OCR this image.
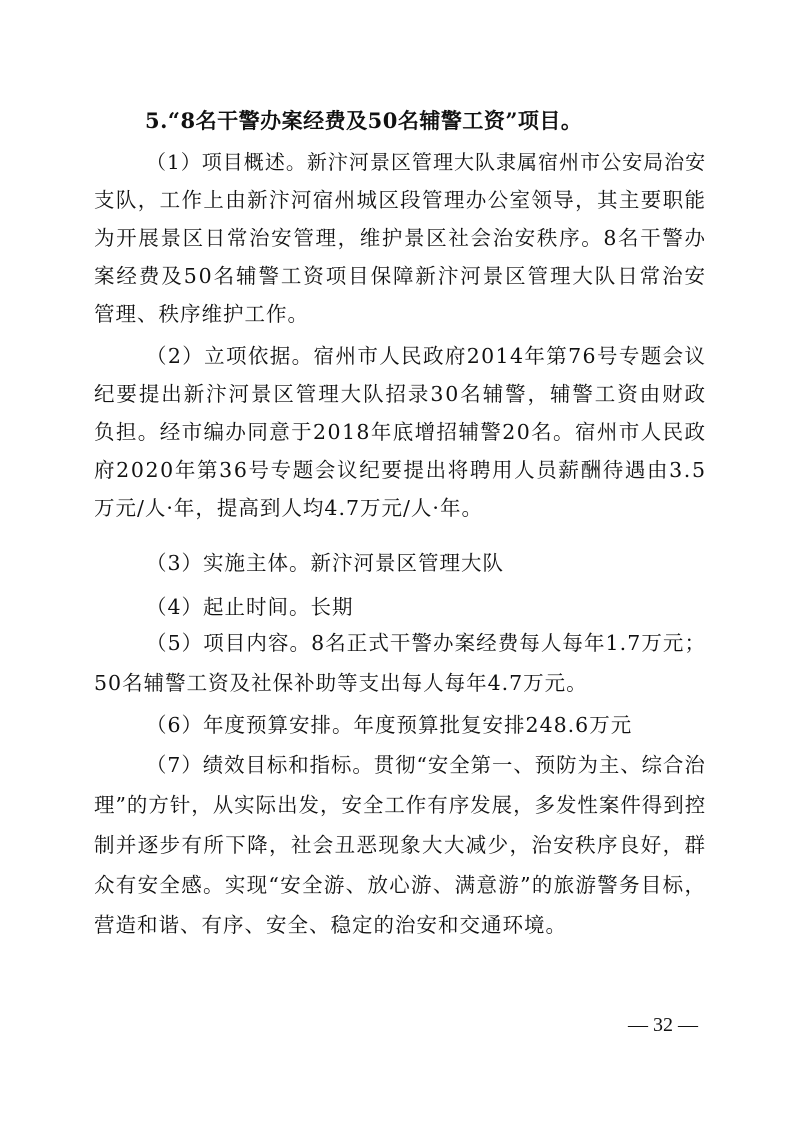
5.“8名干警办案经费及50名辅警工资”项目。
（1）项目概述。新汴河景区管理大队隶属宿州市公安局治安
支队，工作上由新汴河宿州城区段管理办公室领导，其主要职能
为开展景区日常治安管理，维护景区社会治安秩序。8名干警办
案经费及50名辅警工资项目保障新汴河景区管理大队日常治安
管理、秩序维护工作。
（2）立项依据。宿州市人民政府2014年第76号专题会议
纪要提出新汴河景区管理大队招录30名辅警，辅警工资由财政
负担。经市编办同意于2018年底增招辅警20名。宿州市人民政
府2020年第36号专题会议纪要提出将聘用人员薪酬待遇由3.5
万元/人·年，提高到人均4.7万元/人·年。
（3）实施主体。新汴河景区管理大队
（4）起止时间。长期
（5）项目内容。8名正式干警办案经费每人每年1.7万元；
50名辅警工资及社保补助等支出每人每年4.7万元。
（6）年度预算安排。年度预算批复安排248.6万元
（7）绩效目标和指标。贯彻“安全第一、预防为主、综合治
理”的方针，从实际出发，安全工作有序发展，多发性案件得到控
制并逐步有所下降，社会丑恶现象大大减少，治安秩序良好，群
众有安全感。实现“安全游、放心游、满意游”的旅游警务目标，
营造和谐、有序、安全、稳定的治安和交通环境。
— 32 —
